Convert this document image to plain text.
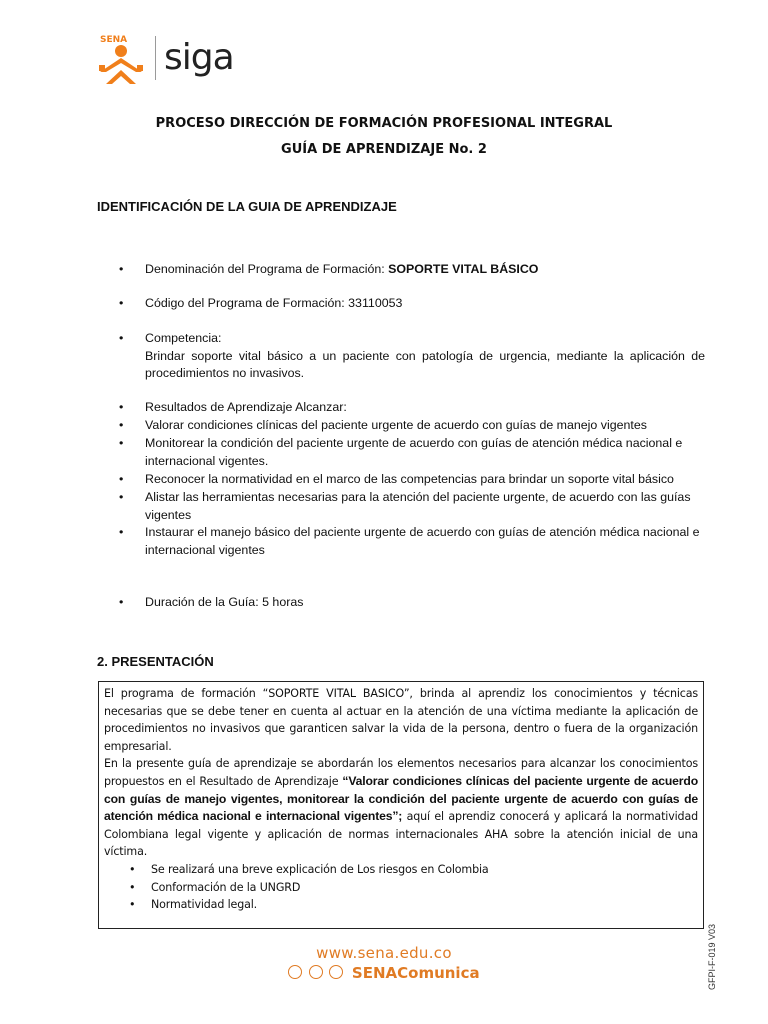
SENA siga
PROCESO DIRECCIÓN DE FORMACIÓN PROFESIONAL INTEGRAL
GUÍA DE APRENDIZAJE No. 2
IDENTIFICACIÓN DE LA GUIA DE APRENDIZAJE
• Denominación del Programa de Formación: SOPORTE VITAL BÁSICO
• Código del Programa de Formación: 33110053
• Competencia:
Brindar soporte vital básico a un paciente con patología de urgencia, mediante la aplicación de procedimientos no invasivos.
• Resultados de Aprendizaje Alcanzar:
• Valorar condiciones clínicas del paciente urgente de acuerdo con guías de manejo vigentes
• Monitorear la condición del paciente urgente de acuerdo con guías de atención médica nacional e internacional vigentes.
• Reconocer la normatividad en el marco de las competencias para brindar un soporte vital básico
• Alistar las herramientas necesarias para la atención del paciente urgente, de acuerdo con las guías vigentes
• Instaurar el manejo básico del paciente urgente de acuerdo con guías de atención médica nacional e internacional vigentes
• Duración de la Guía: 5 horas
2. PRESENTACIÓN
El programa de formación “SOPORTE VITAL BASICO”, brinda al aprendiz los conocimientos y técnicas necesarias que se debe tener en cuenta al actuar en la atención de una víctima mediante la aplicación de procedimientos no invasivos que garanticen salvar la vida de la persona, dentro o fuera de la organización empresarial.
En la presente guía de aprendizaje se abordarán los elementos necesarios para alcanzar los conocimientos propuestos en el Resultado de Aprendizaje “Valorar condiciones clínicas del paciente urgente de acuerdo con guías de manejo vigentes, monitorear la condición del paciente urgente de acuerdo con guías de atención médica nacional e internacional vigentes”; aquí el aprendiz conocerá y aplicará la normatividad Colombiana legal vigente y aplicación de normas internacionales AHA sobre la atención inicial de una víctima.
• Se realizará una breve explicación de Los riesgos en Colombia
• Conformación de la UNGRD
• Normatividad legal.
www.sena.edu.co
SENAComunica	GFPI-F-019 V03
